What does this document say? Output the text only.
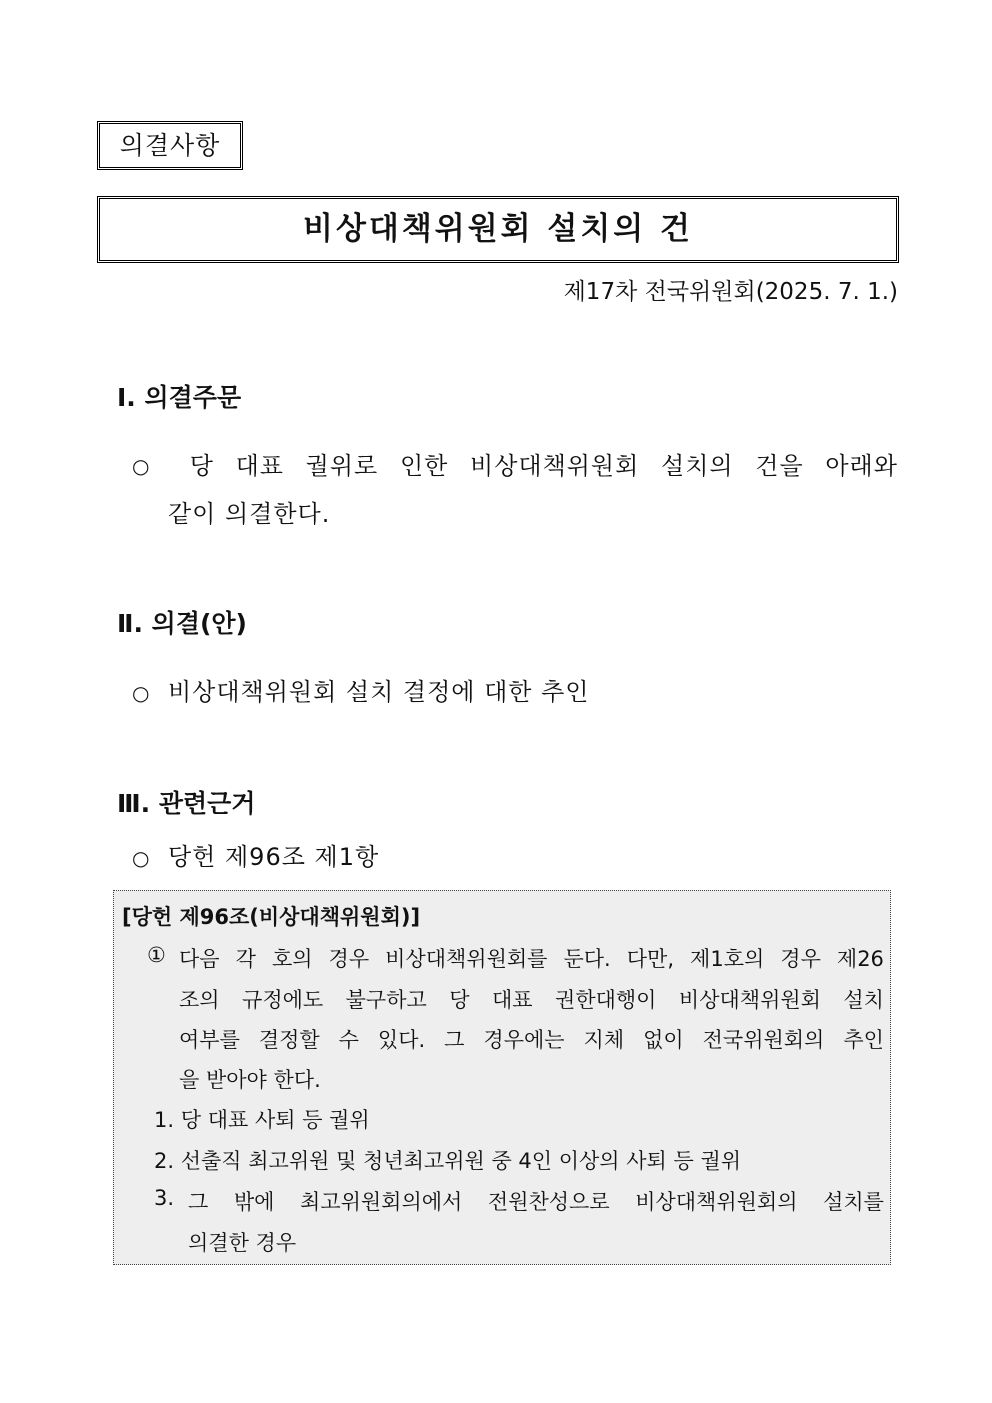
의결사항
비상대책위원회 설치의 건
제17차 전국위원회(2025. 7. 1.)
Ⅰ. 의결주문
○	당 대표 궐위로 인한 비상대책위원회 설치의 건을 아래와
같이 의결한다.
Ⅱ. 의결(안)
○ 비상대책위원회 설치 결정에 대한 추인
Ⅲ. 관련근거
○ 당헌 제96조 제1항
[당헌 제96조(비상대책위원회)]
① 다음 각 호의 경우 비상대책위원회를 둔다. 다만, 제1호의 경우 제26
조의 규정에도 불구하고 당 대표 권한대행이 비상대책위원회 설치
여부를 결정할 수 있다. 그 경우에는 지체 없이 전국위원회의 추인
을 받아야 한다.
1. 당 대표 사퇴 등 궐위
2. 선출직 최고위원 및 청년최고위원 중 4인 이상의 사퇴 등 궐위
3. 그 밖에 최고위원회의에서 전원찬성으로 비상대책위원회의 설치를
의결한 경우
